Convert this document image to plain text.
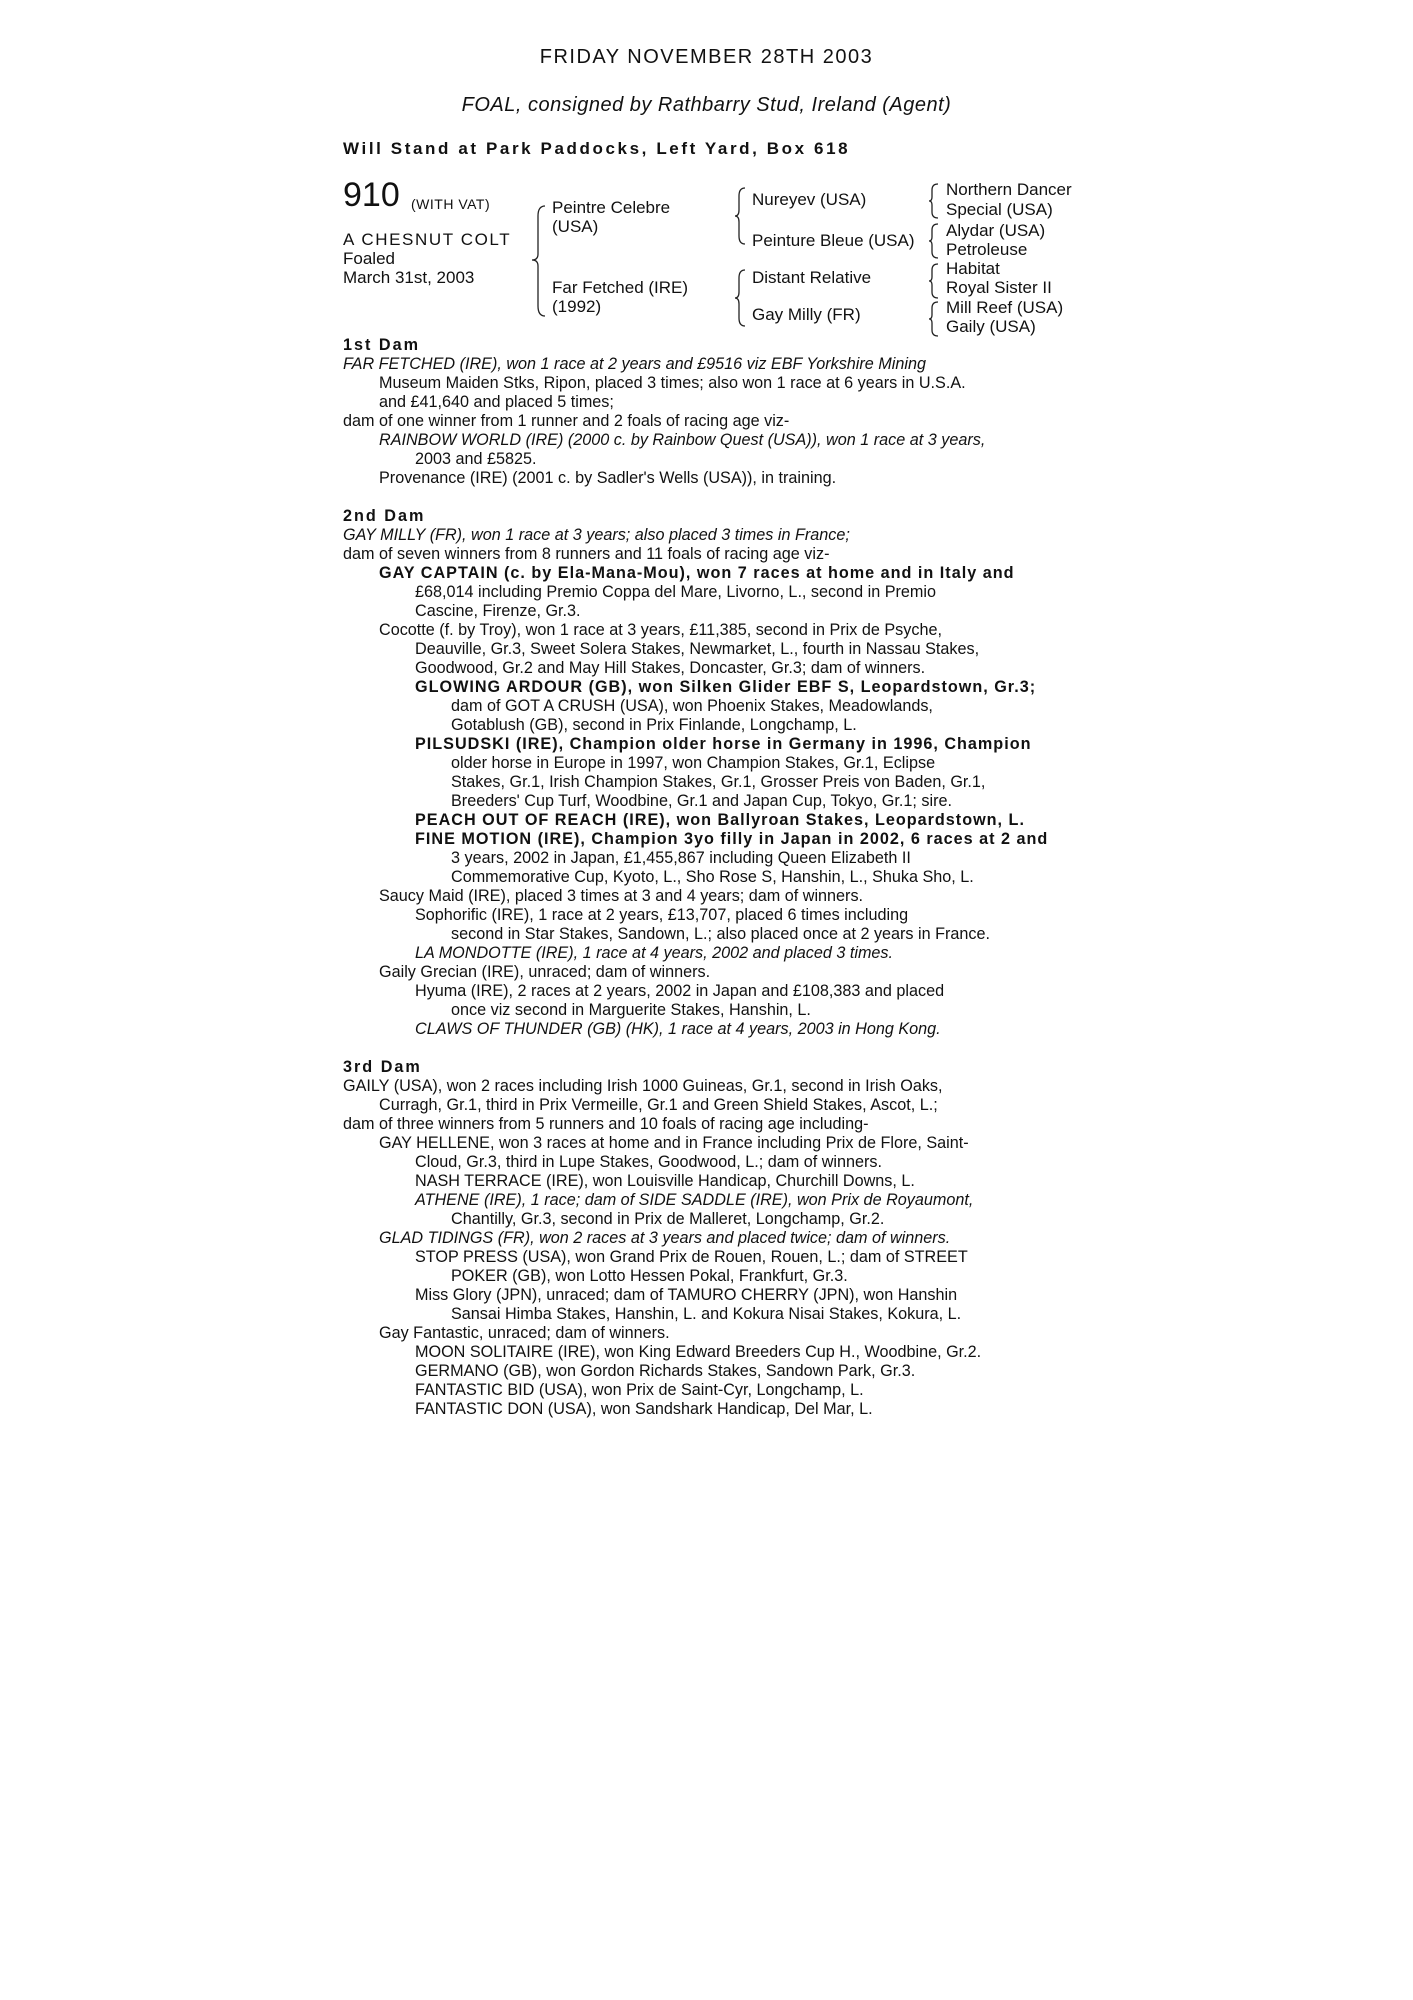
FRIDAY NOVEMBER 28TH 2003
FOAL, consigned by Rathbarry Stud, Ireland (Agent)
Will Stand at Park Paddocks, Left Yard, Box 618
910 (WITH VAT)
A CHESNUT COLT
Foaled
March 31st, 2003
Peintre Celebre
(USA)
Far Fetched (IRE)
(1992)
Nureyev (USA)
Peinture Bleue (USA)
Distant Relative
Gay Milly (FR)
Northern Dancer
Special (USA)
Alydar (USA)
Petroleuse
Habitat
Royal Sister II
Mill Reef (USA)
Gaily (USA)
1st Dam
FAR FETCHED (IRE), won 1 race at 2 years and £9516 viz EBF Yorkshire Mining
Museum Maiden Stks, Ripon, placed 3 times; also won 1 race at 6 years in U.S.A.
and £41,640 and placed 5 times;
dam of one winner from 1 runner and 2 foals of racing age viz-
RAINBOW WORLD (IRE) (2000 c. by Rainbow Quest (USA)), won 1 race at 3 years,
2003 and £5825.
Provenance (IRE) (2001 c. by Sadler's Wells (USA)), in training.
2nd Dam
GAY MILLY (FR), won 1 race at 3 years; also placed 3 times in France;
dam of seven winners from 8 runners and 11 foals of racing age viz-
GAY CAPTAIN (c. by Ela-Mana-Mou), won 7 races at home and in Italy and
£68,014 including Premio Coppa del Mare, Livorno, L., second in Premio
Cascine, Firenze, Gr.3.
Cocotte (f. by Troy), won 1 race at 3 years, £11,385, second in Prix de Psyche,
Deauville, Gr.3, Sweet Solera Stakes, Newmarket, L., fourth in Nassau Stakes,
Goodwood, Gr.2 and May Hill Stakes, Doncaster, Gr.3; dam of winners.
GLOWING ARDOUR (GB), won Silken Glider EBF S, Leopardstown, Gr.3;
dam of GOT A CRUSH (USA), won Phoenix Stakes, Meadowlands,
Gotablush (GB), second in Prix Finlande, Longchamp, L.
PILSUDSKI (IRE), Champion older horse in Germany in 1996, Champion
older horse in Europe in 1997, won Champion Stakes, Gr.1, Eclipse
Stakes, Gr.1, Irish Champion Stakes, Gr.1, Grosser Preis von Baden, Gr.1,
Breeders' Cup Turf, Woodbine, Gr.1 and Japan Cup, Tokyo, Gr.1; sire.
PEACH OUT OF REACH (IRE), won Ballyroan Stakes, Leopardstown, L.
FINE MOTION (IRE), Champion 3yo filly in Japan in 2002, 6 races at 2 and
3 years, 2002 in Japan, £1,455,867 including Queen Elizabeth II
Commemorative Cup, Kyoto, L., Sho Rose S, Hanshin, L., Shuka Sho, L.
Saucy Maid (IRE), placed 3 times at 3 and 4 years; dam of winners.
Sophorific (IRE), 1 race at 2 years, £13,707, placed 6 times including
second in Star Stakes, Sandown, L.; also placed once at 2 years in France.
LA MONDOTTE (IRE), 1 race at 4 years, 2002 and placed 3 times.
Gaily Grecian (IRE), unraced; dam of winners.
Hyuma (IRE), 2 races at 2 years, 2002 in Japan and £108,383 and placed
once viz second in Marguerite Stakes, Hanshin, L.
CLAWS OF THUNDER (GB) (HK), 1 race at 4 years, 2003 in Hong Kong.
3rd Dam
GAILY (USA), won 2 races including Irish 1000 Guineas, Gr.1, second in Irish Oaks,
Curragh, Gr.1, third in Prix Vermeille, Gr.1 and Green Shield Stakes, Ascot, L.;
dam of three winners from 5 runners and 10 foals of racing age including-
GAY HELLENE, won 3 races at home and in France including Prix de Flore, Saint-
Cloud, Gr.3, third in Lupe Stakes, Goodwood, L.; dam of winners.
NASH TERRACE (IRE), won Louisville Handicap, Churchill Downs, L.
ATHENE (IRE), 1 race; dam of SIDE SADDLE (IRE), won Prix de Royaumont,
Chantilly, Gr.3, second in Prix de Malleret, Longchamp, Gr.2.
GLAD TIDINGS (FR), won 2 races at 3 years and placed twice; dam of winners.
STOP PRESS (USA), won Grand Prix de Rouen, Rouen, L.; dam of STREET
POKER (GB), won Lotto Hessen Pokal, Frankfurt, Gr.3.
Miss Glory (JPN), unraced; dam of TAMURO CHERRY (JPN), won Hanshin
Sansai Himba Stakes, Hanshin, L. and Kokura Nisai Stakes, Kokura, L.
Gay Fantastic, unraced; dam of winners.
MOON SOLITAIRE (IRE), won King Edward Breeders Cup H., Woodbine, Gr.2.
GERMANO (GB), won Gordon Richards Stakes, Sandown Park, Gr.3.
FANTASTIC BID (USA), won Prix de Saint-Cyr, Longchamp, L.
FANTASTIC DON (USA), won Sandshark Handicap, Del Mar, L.
